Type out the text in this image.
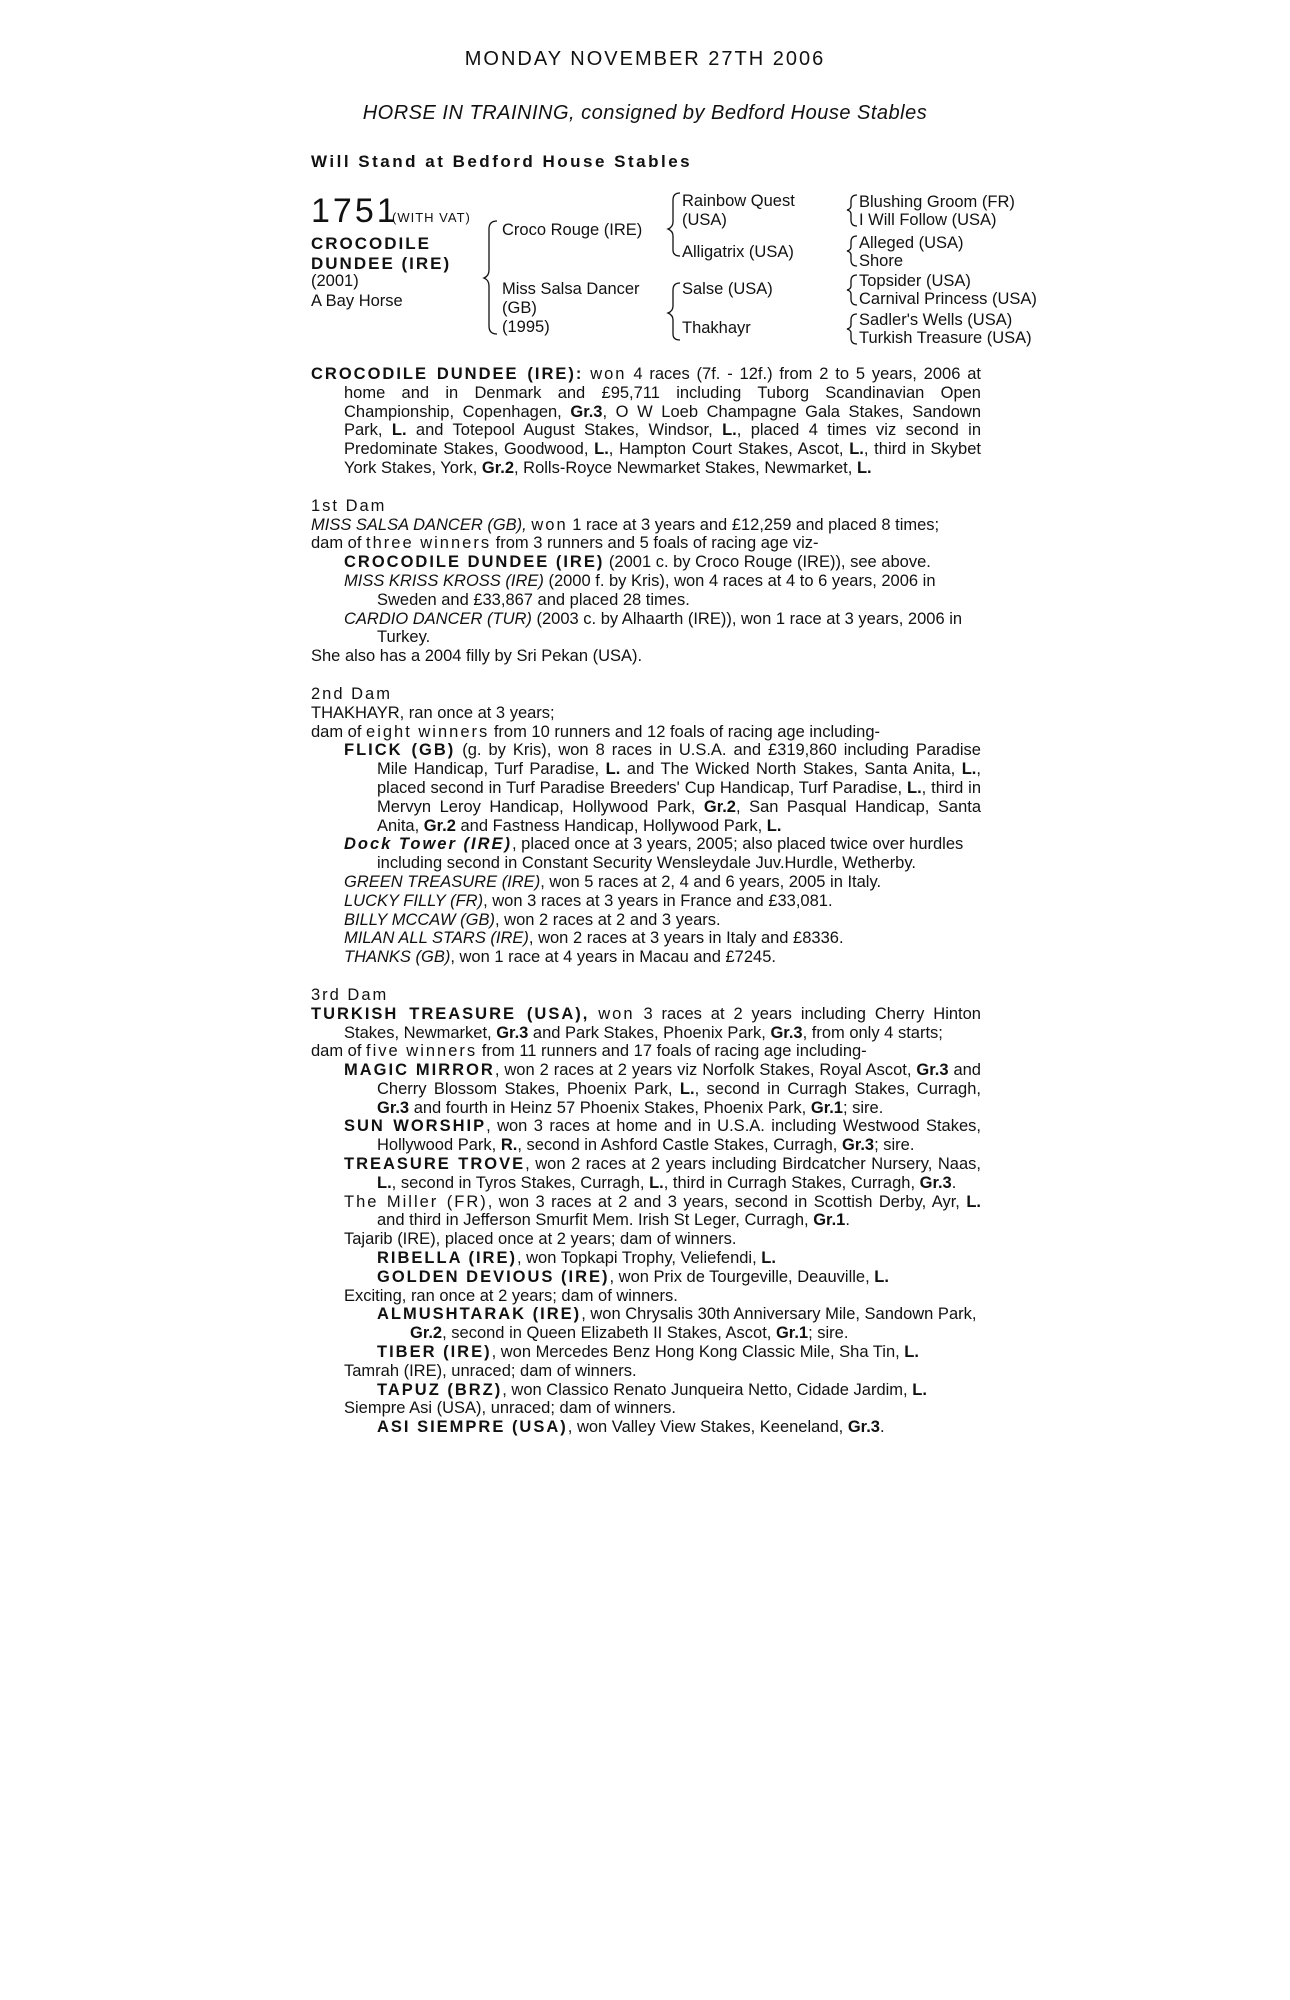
MONDAY NOVEMBER 27TH 2006
HORSE IN TRAINING, consigned by Bedford House Stables
Will Stand at Bedford House Stables
1751
(WITH VAT)
CROCODILE
DUNDEE (IRE)
(2001)
A Bay Horse
Croco Rouge (IRE)
Miss Salsa Dancer
(GB)
(1995)
Rainbow Quest
(USA)
Alligatrix (USA)
Salse (USA)
Thakhayr
Blushing Groom (FR)
I Will Follow (USA)
Alleged (USA)
Shore
Topsider (USA)
Carnival Princess (USA)
Sadler's Wells (USA)
Turkish Treasure (USA)

CROCODILE DUNDEE (IRE): won 4 races (7f. - 12f.) from 2 to 5 years, 2006 at home and in Denmark and £95,711 including Tuborg Scandinavian Open Championship, Copenhagen, Gr.3, O W Loeb Champagne Gala Stakes, Sandown Park, L. and Totepool August Stakes, Windsor, L., placed 4 times viz second in Predominate Stakes, Goodwood, L., Hampton Court Stakes, Ascot, L., third in Skybet York Stakes, York, Gr.2, Rolls-Royce Newmarket Stakes, Newmarket, L.

1st Dam

MISS SALSA DANCER (GB), won 1 race at 3 years and £12,259 and placed 8 times;

dam of three winners from 3 runners and 5 foals of racing age viz-

CROCODILE DUNDEE (IRE) (2001 c. by Croco Rouge (IRE)), see above.

MISS KRISS KROSS (IRE) (2000 f. by Kris), won 4 races at 4 to 6 years, 2006 in Sweden and £33,867 and placed 28 times.

CARDIO DANCER (TUR) (2003 c. by Alhaarth (IRE)), won 1 race at 3 years, 2006 in Turkey.

She also has a 2004 filly by Sri Pekan (USA).

2nd Dam

THAKHAYR, ran once at 3 years;

dam of eight winners from 10 runners and 12 foals of racing age including-

FLICK (GB) (g. by Kris), won 8 races in U.S.A. and £319,860 including Paradise Mile Handicap, Turf Paradise, L. and The Wicked North Stakes, Santa Anita, L., placed second in Turf Paradise Breeders' Cup Handicap, Turf Paradise, L., third in Mervyn Leroy Handicap, Hollywood Park, Gr.2, San Pasqual Handicap, Santa Anita, Gr.2 and Fastness Handicap, Hollywood Park, L.

Dock Tower (IRE), placed once at 3 years, 2005; also placed twice over hurdles including second in Constant Security Wensleydale Juv.Hurdle, Wetherby.

GREEN TREASURE (IRE), won 5 races at 2, 4 and 6 years, 2005 in Italy.

LUCKY FILLY (FR), won 3 races at 3 years in France and £33,081.

BILLY MCCAW (GB), won 2 races at 2 and 3 years.

MILAN ALL STARS (IRE), won 2 races at 3 years in Italy and £8336.

THANKS (GB), won 1 race at 4 years in Macau and £7245.

3rd Dam

TURKISH TREASURE (USA), won 3 races at 2 years including Cherry Hinton Stakes, Newmarket, Gr.3 and Park Stakes, Phoenix Park, Gr.3, from only 4 starts;

dam of five winners from 11 runners and 17 foals of racing age including-

MAGIC MIRROR, won 2 races at 2 years viz Norfolk Stakes, Royal Ascot, Gr.3 and Cherry Blossom Stakes, Phoenix Park, L., second in Curragh Stakes, Curragh, Gr.3 and fourth in Heinz 57 Phoenix Stakes, Phoenix Park, Gr.1; sire.

SUN WORSHIP, won 3 races at home and in U.S.A. including Westwood Stakes, Hollywood Park, R., second in Ashford Castle Stakes, Curragh, Gr.3; sire.

TREASURE TROVE, won 2 races at 2 years including Birdcatcher Nursery, Naas, L., second in Tyros Stakes, Curragh, L., third in Curragh Stakes, Curragh, Gr.3.

The Miller (FR), won 3 races at 2 and 3 years, second in Scottish Derby, Ayr, L. and third in Jefferson Smurfit Mem. Irish St Leger, Curragh, Gr.1.

Tajarib (IRE), placed once at 2 years; dam of winners.

RIBELLA (IRE), won Topkapi Trophy, Veliefendi, L.

GOLDEN DEVIOUS (IRE), won Prix de Tourgeville, Deauville, L.

Exciting, ran once at 2 years; dam of winners.

ALMUSHTARAK (IRE), won Chrysalis 30th Anniversary Mile, Sandown Park, Gr.2, second in Queen Elizabeth II Stakes, Ascot, Gr.1; sire.

TIBER (IRE), won Mercedes Benz Hong Kong Classic Mile, Sha Tin, L.

Tamrah (IRE), unraced; dam of winners.

TAPUZ (BRZ), won Classico Renato Junqueira Netto, Cidade Jardim, L.

Siempre Asi (USA), unraced; dam of winners.

ASI SIEMPRE (USA), won Valley View Stakes, Keeneland, Gr.3.
